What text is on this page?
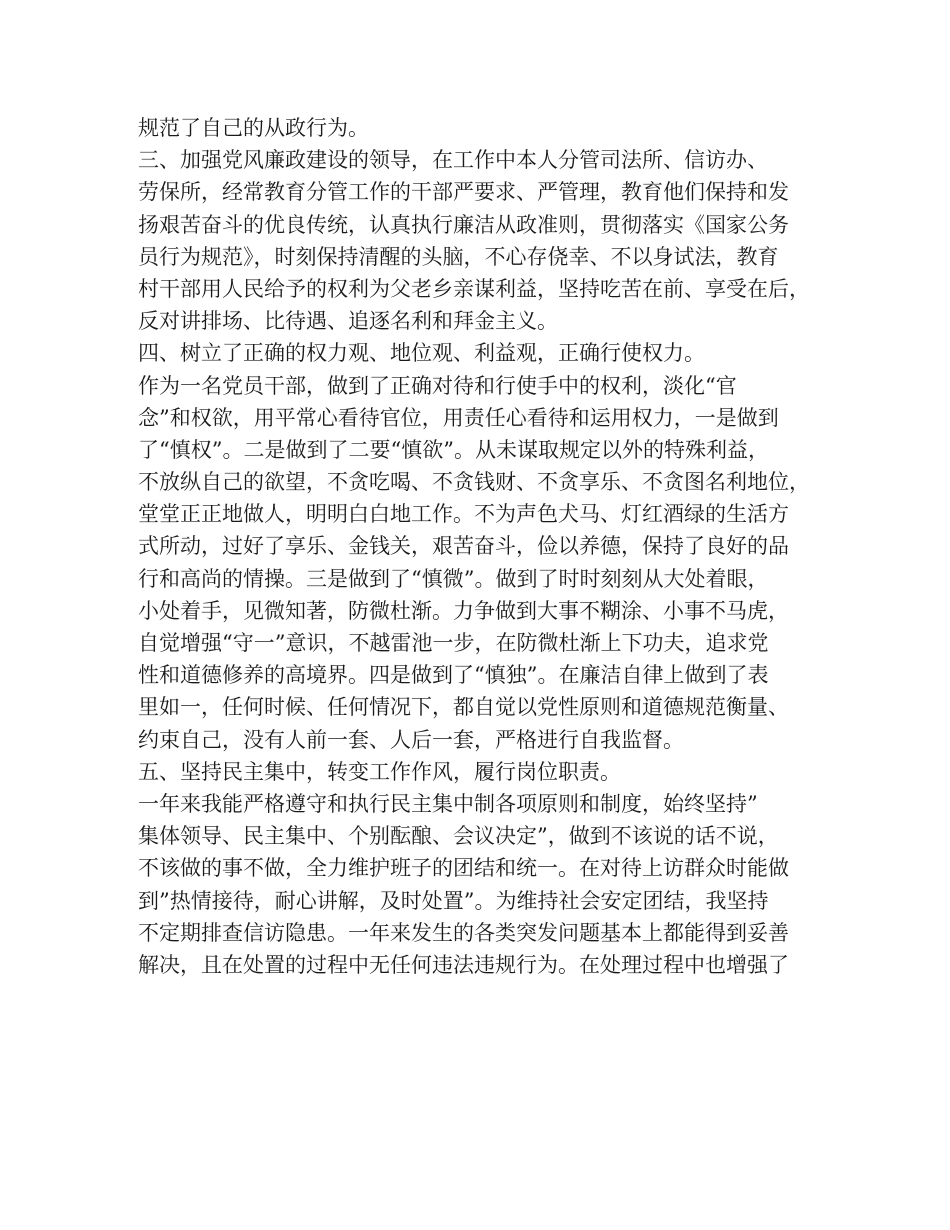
规范了自己的从政行为。
三、加强党风廉政建设的领导，在工作中本人分管司法所、信访办、
劳保所，经常教育分管工作的干部严要求、严管理，教育他们保持和发
扬艰苦奋斗的优良传统，认真执行廉洁从政准则，贯彻落实《国家公务
员行为规范》，时刻保持清醒的头脑，不心存侥幸、不以身试法，教育
村干部用人民给予的权利为父老乡亲谋利益，坚持吃苦在前、享受在后，
反对讲排场、比待遇、追逐名利和拜金主义。
四、树立了正确的权力观、地位观、利益观，正确行使权力。
作为一名党员干部，做到了正确对待和行使手中的权利，淡化“官
念”和权欲，用平常心看待官位，用责任心看待和运用权力，一是做到
了“慎权”。二是做到了二要“慎欲”。从未谋取规定以外的特殊利益，
不放纵自己的欲望，不贪吃喝、不贪钱财、不贪享乐、不贪图名利地位，
堂堂正正地做人，明明白白地工作。不为声色犬马、灯红酒绿的生活方
式所动，过好了享乐、金钱关，艰苦奋斗，俭以养德，保持了良好的品
行和高尚的情操。三是做到了“慎微”。做到了时时刻刻从大处着眼，
小处着手，见微知著，防微杜渐。力争做到大事不糊涂、小事不马虎，
自觉增强“守一”意识，不越雷池一步，在防微杜渐上下功夫，追求党
性和道德修养的高境界。四是做到了“慎独”。在廉洁自律上做到了表
里如一，任何时候、任何情况下，都自觉以党性原则和道德规范衡量、
约束自己，没有人前一套、人后一套，严格进行自我监督。
五、坚持民主集中，转变工作作风，履行岗位职责。
一年来我能严格遵守和执行民主集中制各项原则和制度，始终坚持”
集体领导、民主集中、个别酝酿、会议决定”，做到不该说的话不说，
不该做的事不做，全力维护班子的团结和统一。在对待上访群众时能做
到”热情接待，耐心讲解，及时处置”。为维持社会安定团结，我坚持
不定期排查信访隐患。一年来发生的各类突发问题基本上都能得到妥善
解决，且在处置的过程中无任何违法违规行为。在处理过程中也增强了
